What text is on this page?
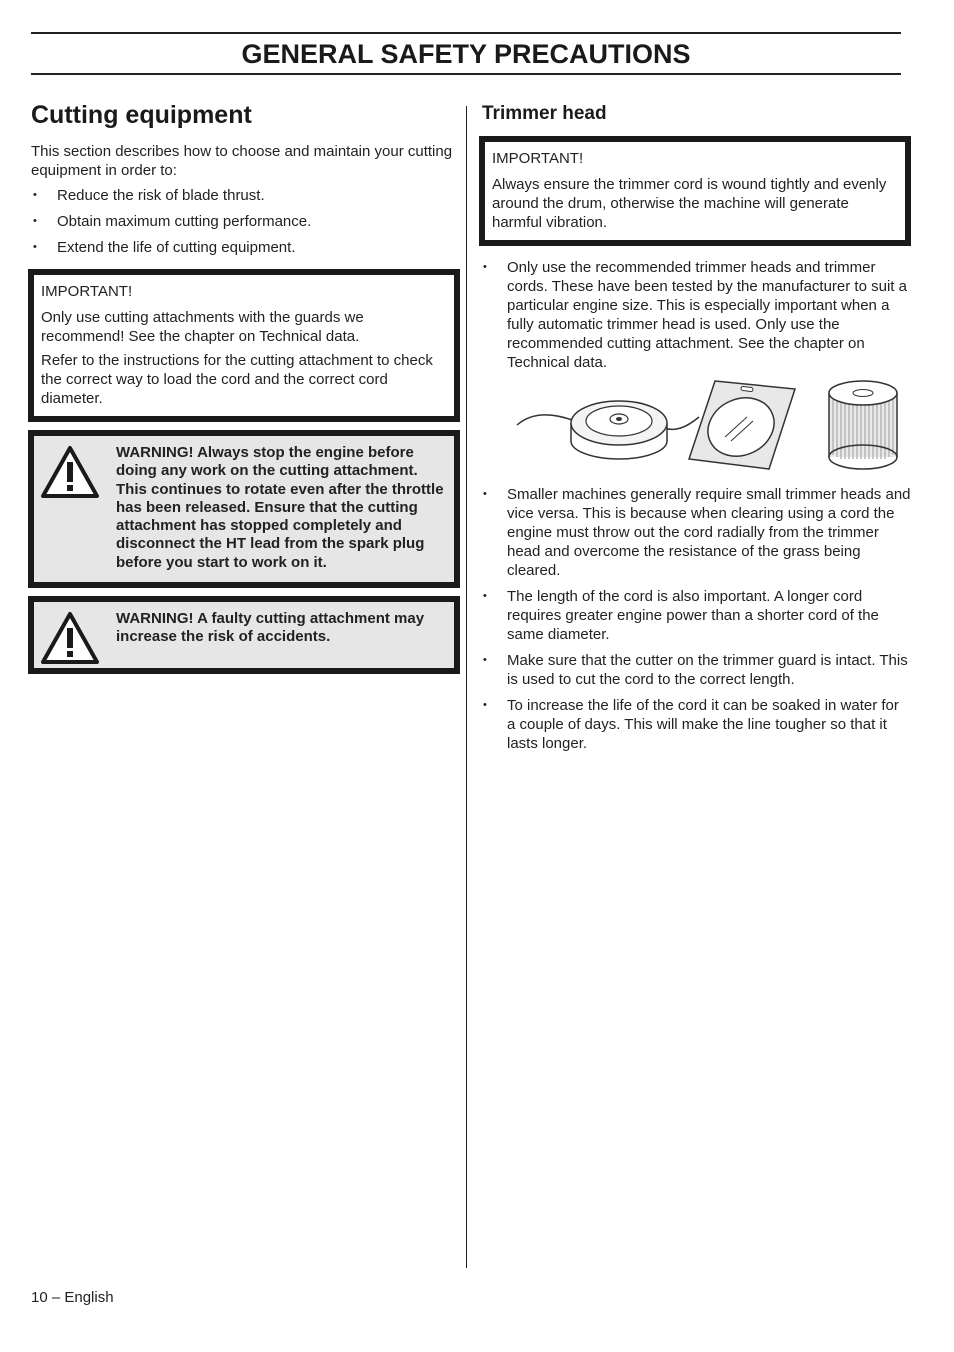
GENERAL SAFETY PRECAUTIONS
Cutting equipment

This section describes how to choose and maintain your cutting equipment in order to:

• Reduce the risk of blade thrust.
• Obtain maximum cutting performance.
• Extend the life of cutting equipment.

IMPORTANT!

Only use cutting attachments with the guards we recommend! See the chapter on Technical data.

Refer to the instructions for the cutting attachment to check the correct way to load the cord and the correct cord diameter.

WARNING! Always stop the engine before doing any work on the cutting attachment. This continues to rotate even after the throttle has been released. Ensure that the cutting attachment has stopped completely and disconnect the HT lead from the spark plug before you start to work on it.

WARNING! A faulty cutting attachment may increase the risk of accidents.

Trimmer head

IMPORTANT!

Always ensure the trimmer cord is wound tightly and evenly around the drum, otherwise the machine will generate harmful vibration.

• Only use the recommended trimmer heads and trimmer cords. These have been tested by the manufacturer to suit a particular engine size. This is especially important when a fully automatic trimmer head is used. Only use the recommended cutting attachment. See the chapter on Technical data.
• Smaller machines generally require small trimmer heads and vice versa. This is because when clearing using a cord the engine must throw out the cord radially from the trimmer head and overcome the resistance of the grass being cleared.
• The length of the cord is also important. A longer cord requires greater engine power than a shorter cord of the same diameter.
• Make sure that the cutter on the trimmer guard is intact. This is used to cut the cord to the correct length.
• To increase the life of the cord it can be soaked in water for a couple of days. This will make the line tougher so that it lasts longer.
10 – English
